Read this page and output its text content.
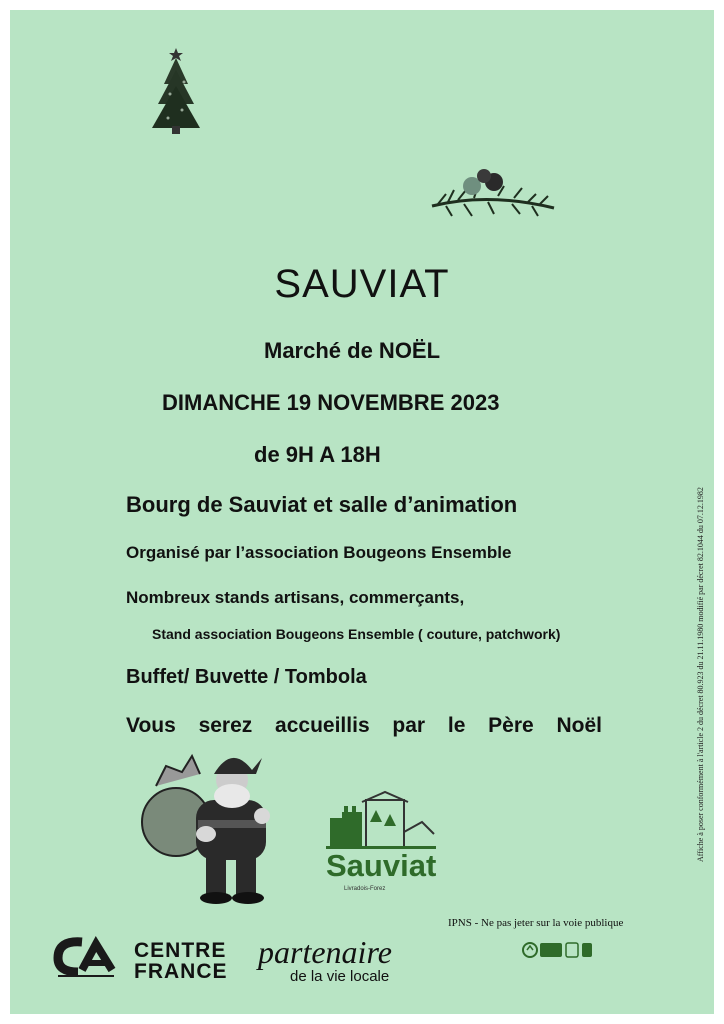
SAUVIAT
Marché de NOËL
DIMANCHE 19 NOVEMBRE 2023
de 9H A 18H
Bourg de Sauviat et salle d’animation
Organisé par l’association Bougeons Ensemble
Nombreux stands artisans, commerçants,
Stand association Bougeons Ensemble ( couture, patchwork)
Buffet/ Buvette / Tombola
Vous serez accueillis par le Père Noël
Sauviat
Livradois-Forez
Affiche à poser conformément à l'article 2 du décret 80.923 du 21.11.1980 modifié par décret 82.1044 du 07.12.1982
IPNS - Ne pas jeter sur la voie publique
CENTRE
FRANCE
partenaire
de la vie locale
